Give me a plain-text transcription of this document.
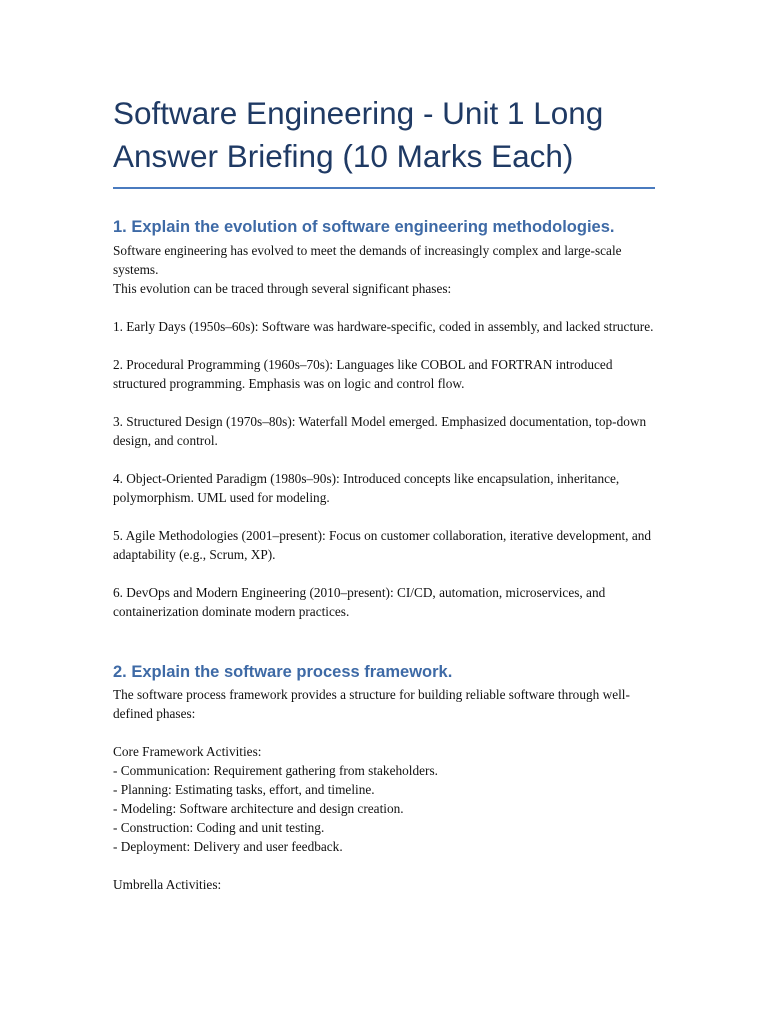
Software Engineering - Unit 1 Long Answer Briefing (10 Marks Each)
1. Explain the evolution of software engineering methodologies.

Software engineering has evolved to meet the demands of increasingly complex and large-scale systems.
This evolution can be traced through several significant phases:

1. Early Days (1950s–60s): Software was hardware-specific, coded in assembly, and lacked structure.

2. Procedural Programming (1960s–70s): Languages like COBOL and FORTRAN introduced structured programming. Emphasis was on logic and control flow.

3. Structured Design (1970s–80s): Waterfall Model emerged. Emphasized documentation, top-down design, and control.

4. Object-Oriented Paradigm (1980s–90s): Introduced concepts like encapsulation, inheritance, polymorphism. UML used for modeling.

5. Agile Methodologies (2001–present): Focus on customer collaboration, iterative development, and adaptability (e.g., Scrum, XP).

6. DevOps and Modern Engineering (2010–present): CI/CD, automation, microservices, and containerization dominate modern practices.

2. Explain the software process framework.

The software process framework provides a structure for building reliable software through well-defined phases:

Core Framework Activities:

- Communication: Requirement gathering from stakeholders.

- Planning: Estimating tasks, effort, and timeline.

- Modeling: Software architecture and design creation.

- Construction: Coding and unit testing.

- Deployment: Delivery and user feedback.

Umbrella Activities:
